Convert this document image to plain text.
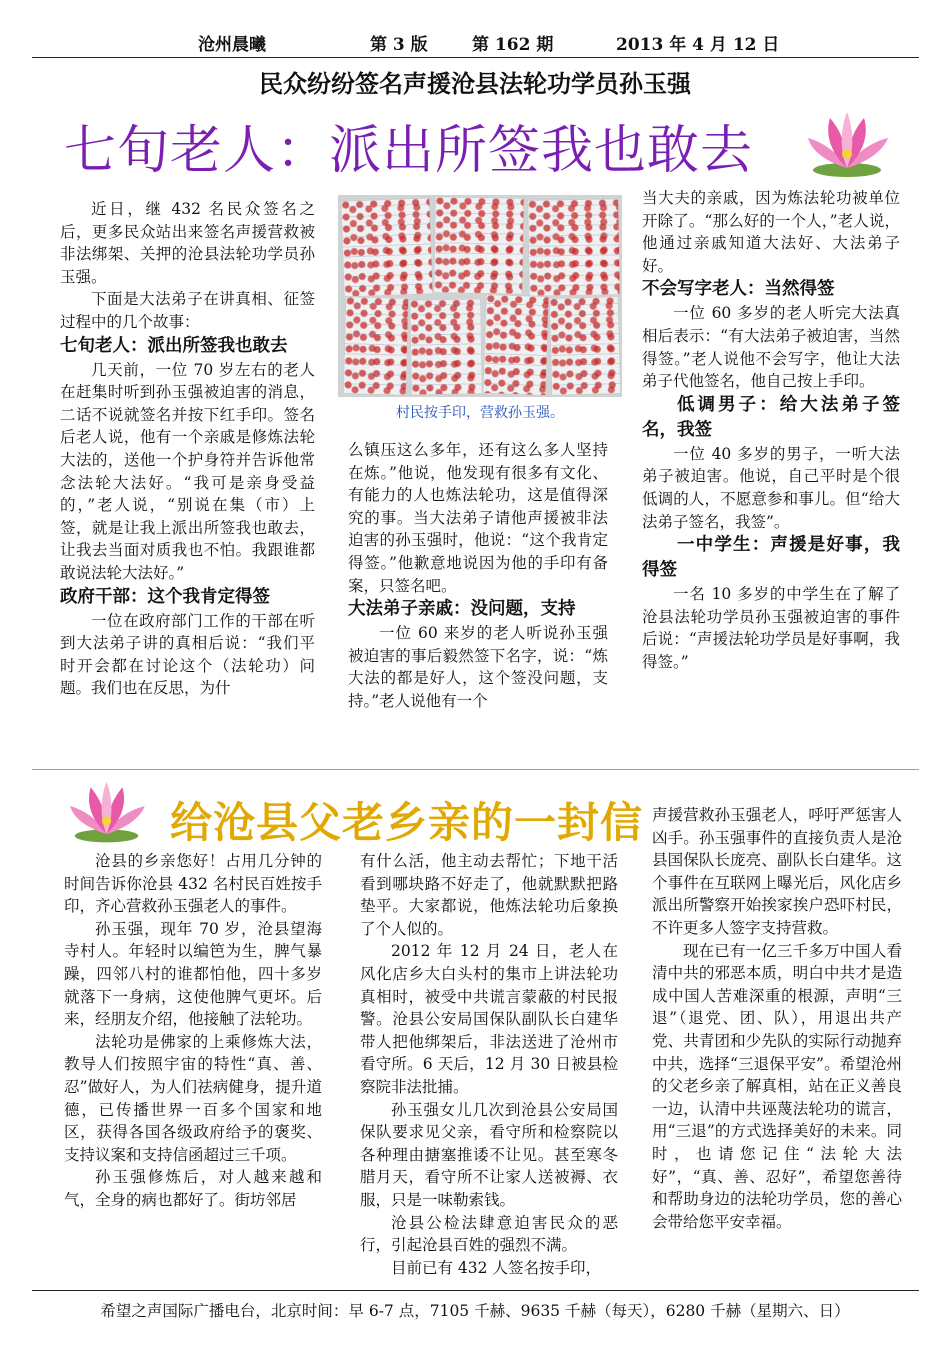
沧州晨曦	第 3 版	第 162 期	2013 年 4 月 12 日
民众纷纷签名声援沧县法轮功学员孙玉强
七旬老人：派出所签我也敢去

近日，继 432 名民众签名之后，更多民众站出来签名声援营救被非法绑架、关押的沧县法轮功学员孙玉强。

下面是大法弟子在讲真相、征签过程中的几个故事：

七旬老人：派出所签我也敢去

几天前，一位 70 岁左右的老人在赶集时听到孙玉强被迫害的消息，二话不说就签名并按下红手印。签名后老人说，他有一个亲戚是修炼法轮大法的，送他一个护身符并告诉他常念法轮大法好。“我可是亲身受益的，”老人说，“别说在集（市）上签，就是让我上派出所签我也敢去，让我去当面对质我也不怕。我跟谁都敢说法轮大法好。”

政府干部：这个我肯定得签

一位在政府部门工作的干部在听到大法弟子讲的真相后说：“我们平时开会都在讨论这个（法轮功）问题。我们也在反思，为什

村民按手印，营救孙玉强。

么镇压这么多年，还有这么多人坚持在炼。”他说，他发现有很多有文化、有能力的人也炼法轮功，这是值得深究的事。当大法弟子请他声援被非法迫害的孙玉强时，他说：“这个我肯定得签。”他歉意地说因为他的手印有备案，只签名吧。

大法弟子亲戚：没问题，支持

一位 60 来岁的老人听说孙玉强被迫害的事后毅然签下名字，说：“炼大法的都是好人，这个签没问题，支持。”老人说他有一个

当大夫的亲戚，因为炼法轮功被单位开除了。“那么好的一个人，”老人说，他通过亲戚知道大法好、大法弟子好。

不会写字老人：当然得签

一位 60 多岁的老人听完大法真相后表示：“有大法弟子被迫害，当然得签。”老人说他不会写字，他让大法弟子代他签名，他自己按上手印。

低调男子：给大法弟子签名，我签

一位 40 多岁的男子，一听大法弟子被迫害。他说，自己平时是个很低调的人，不愿意参和事儿。但“给大法弟子签名，我签”。

一中学生：声援是好事，我得签

一名 10 多岁的中学生在了解了沧县法轮功学员孙玉强被迫害的事件后说：“声援法轮功学员是好事啊，我得签。”

给沧县父老乡亲的一封信

沧县的乡亲您好！占用几分钟的时间告诉你沧县 432 名村民百姓按手印，齐心营救孙玉强老人的事件。

孙玉强，现年 70 岁，沧县望海寺村人。年轻时以编笆为生，脾气暴躁，四邻八村的谁都怕他，四十多岁就落下一身病，这使他脾气更坏。后来，经朋友介绍，他接触了法轮功。

法轮功是佛家的上乘修炼大法，教导人们按照宇宙的特性“真、善、忍”做好人，为人们祛病健身，提升道德，已传播世界一百多个国家和地区，获得各国各级政府给予的褒奖、支持议案和支持信函超过三千项。

孙玉强修炼后，对人越来越和气，全身的病也都好了。街坊邻居

有什么活，他主动去帮忙；下地干活看到哪块路不好走了，他就默默把路垫平。大家都说，他炼法轮功后象换了个人似的。

2012 年 12 月 24 日，老人在风化店乡大白头村的集市上讲法轮功真相时，被受中共谎言蒙蔽的村民报警。沧县公安局国保队副队长白建华带人把他绑架后，非法送进了沧州市看守所。6 天后，12 月 30 日被县检察院非法批捕。

孙玉强女儿几次到沧县公安局国保队要求见父亲，看守所和检察院以各种理由搪塞推诿不让见。甚至寒冬腊月天，看守所不让家人送被褥、衣服，只是一味勒索钱。

沧县公检法肆意迫害民众的恶行，引起沧县百姓的强烈不满。

目前已有 432 人签名按手印，

声援营救孙玉强老人，呼吁严惩害人凶手。孙玉强事件的直接负责人是沧县国保队长庞亮、副队长白建华。这个事件在互联网上曝光后，风化店乡派出所警察开始挨家挨户恐吓村民，不许更多人签字支持营救。

现在已有一亿三千多万中国人看清中共的邪恶本质，明白中共才是造成中国人苦难深重的根源，声明“三退”（退党、团、队），用退出共产党、共青团和少先队的实际行动抛弃中共，选择“三退保平安”。希望沧州的父老乡亲了解真相，站在正义善良一边，认清中共诬蔑法轮功的谎言，用“三退”的方式选择美好的未来。同时，也请您记住“法轮大法好”，“真、善、忍好”，希望您善待和帮助身边的法轮功学员，您的善心会带给您平安幸福。

希望之声国际广播电台，北京时间：早 6-7 点，7105 千赫、9635 千赫（每天），6280 千赫（星期六、日）
